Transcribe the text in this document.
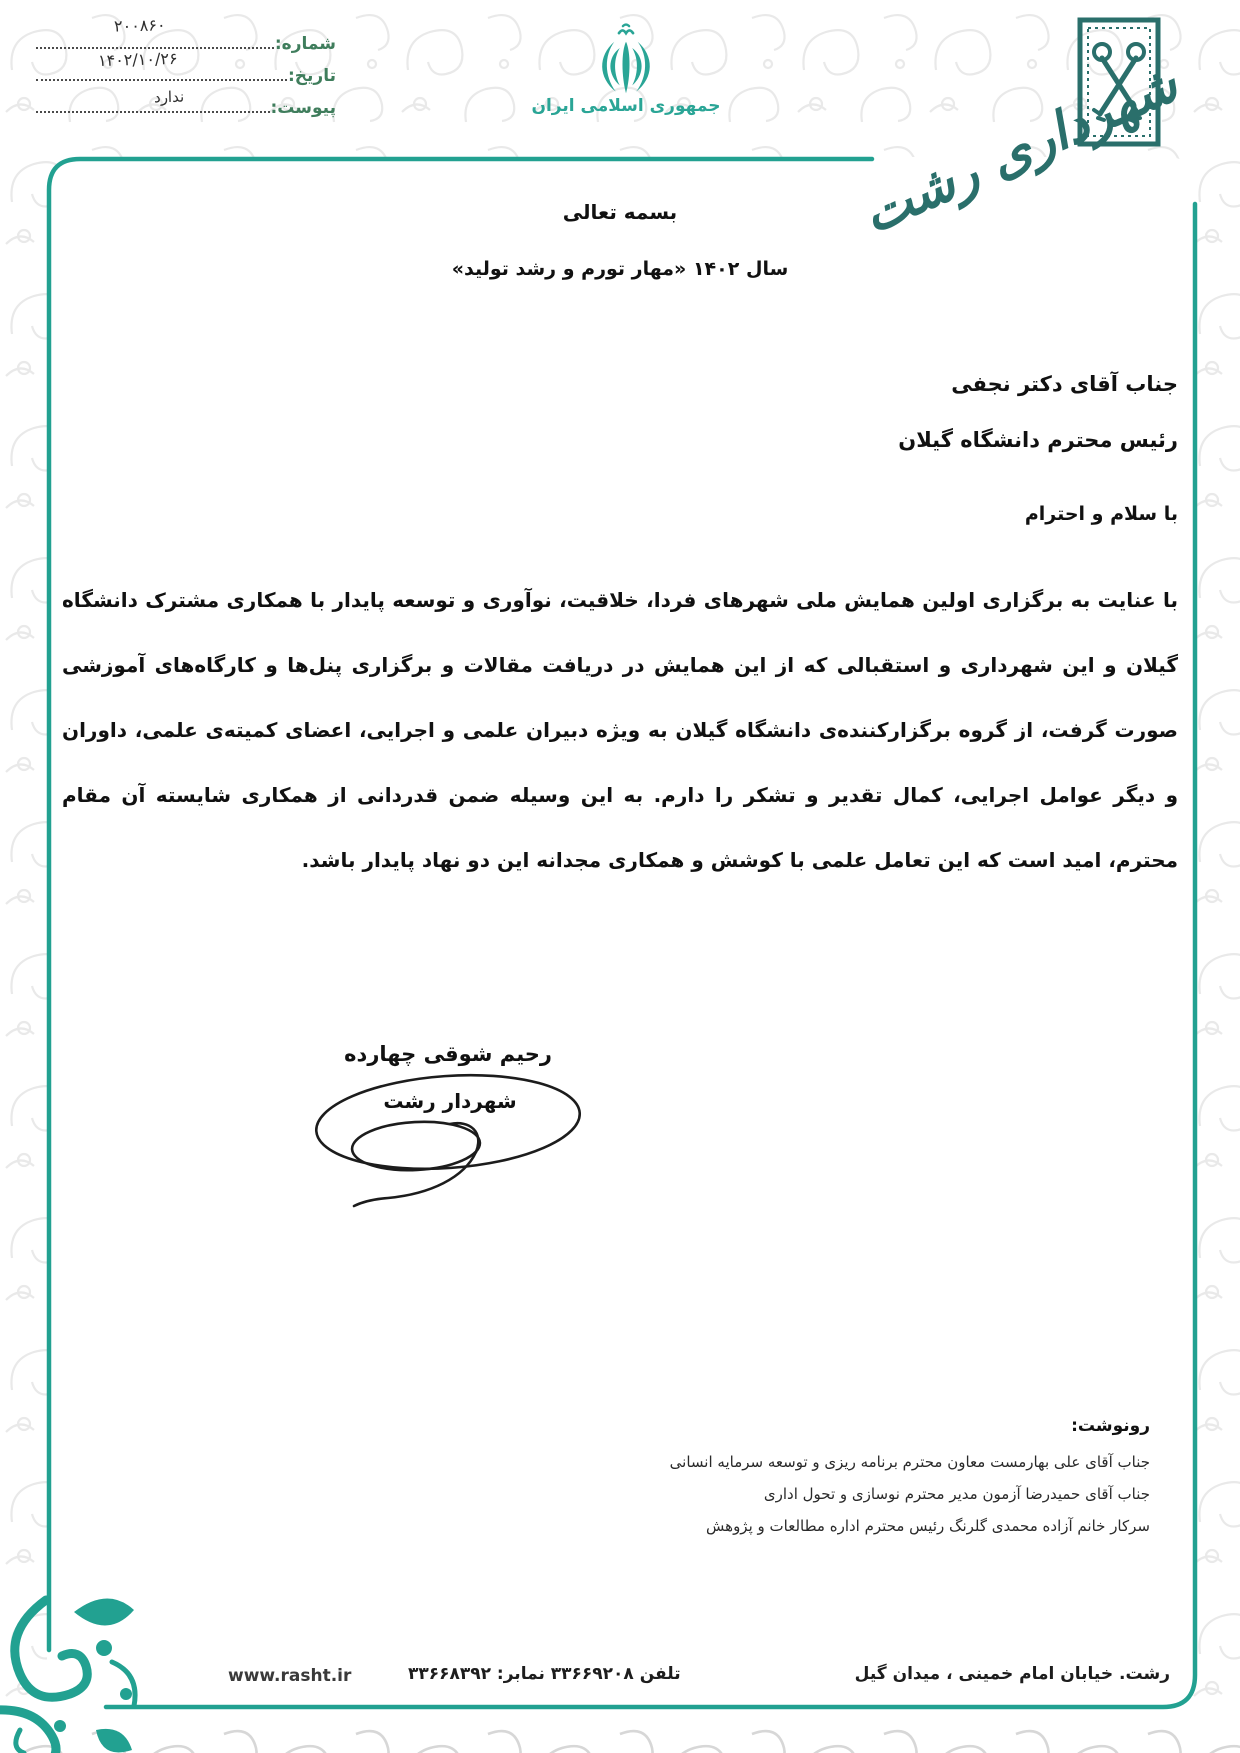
شماره:
تاریخ:
پیوست:
۲۰۰۸۶۰
۱۴۰۲/۱۰/۲۶
ندارد	جمهوری اسلامی ایران	شهرداری رشت
بسمه تعالی
سال ۱۴۰۲ «مهار تورم و رشد تولید»
جناب آقای دکتر نجفی
رئیس محترم دانشگاه گیلان
با سلام و احترام

با عنایت به برگزاری اولین همایش ملی شهرهای فردا، خلاقیت، نوآوری و توسعه پایدار با همکاری مشترک دانشگاه گیلان و این شهرداری و استقبالی که از این همایش در دریافت مقالات و برگزاری پنل‌ها و کارگاه‌های آموزشی صورت گرفت، از گروه برگزارکننده‌ی دانشگاه گیلان به ویژه دبیران علمی و اجرایی، اعضای کمیته‌ی علمی، داوران و دیگر عوامل اجرایی، کمال تقدیر و تشکر را دارم. به این وسیله ضمن قدردانی از همکاری شایسته آن مقام محترم، امید است که این تعامل علمی با کوشش و همکاری مجدانه این دو نهاد پایدار باشد.

رحیم شوقی چهارده
شهردار رشت
رونوشت:
جناب آقای علی بهارمست معاون محترم برنامه ریزی و توسعه سرمایه انسانی
جناب آقای حمیدرضا آزمون مدیر محترم نوسازی و تحول اداری
سرکار خانم آزاده محمدی گلرنگ رئیس محترم اداره مطالعات و پژوهش
رشت. خیابان امام خمینی ، میدان گیل
تلفن ۳۳۶۶۹۲۰۸ نمابر: ۳۳۶۶۸۳۹۲
www.rasht.ir
